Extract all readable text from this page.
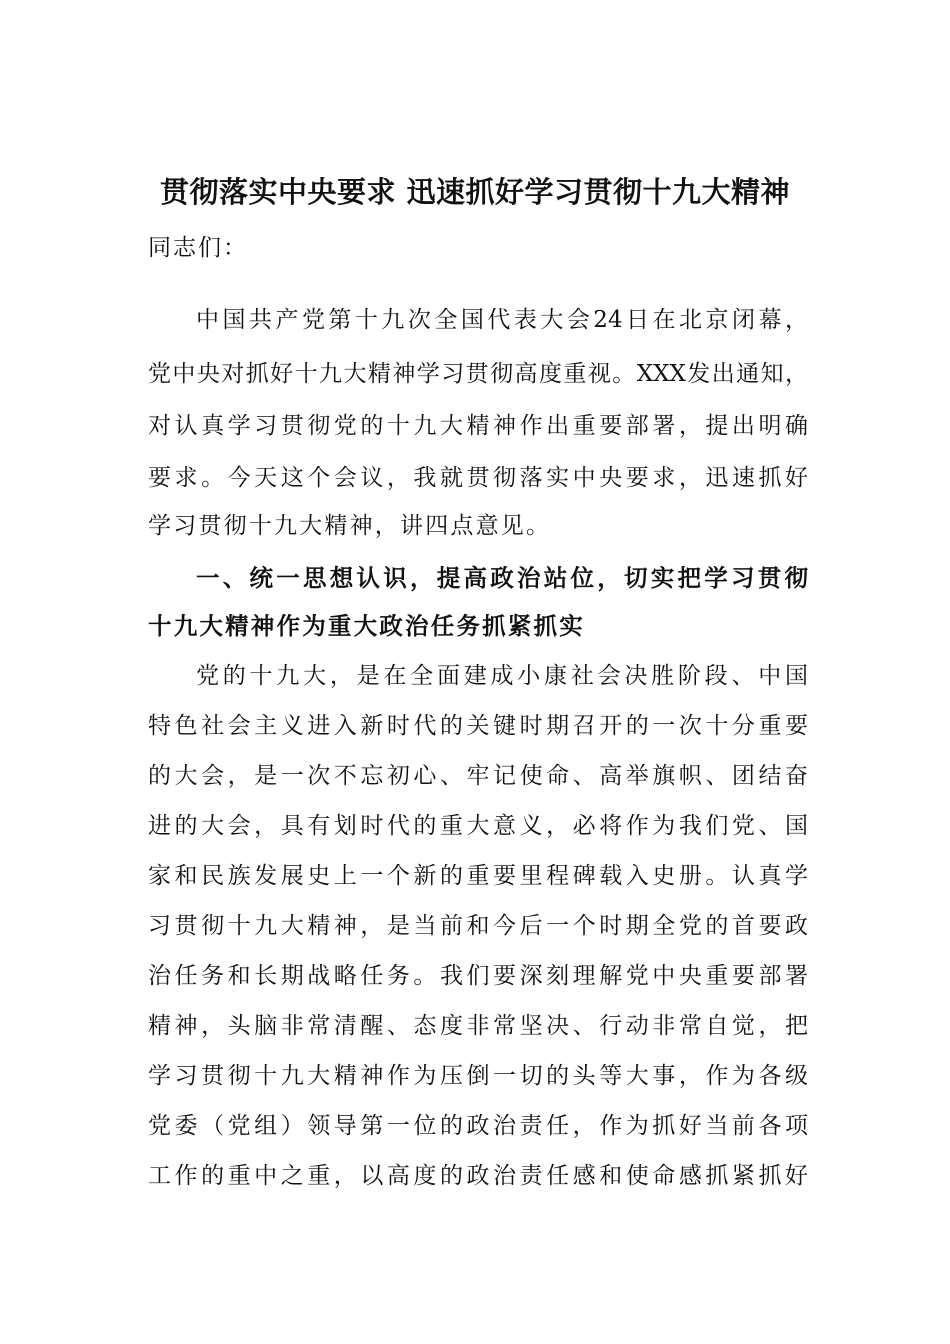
贯彻落实中央要求 迅速抓好学习贯彻十九大精神
同志们：
中国共产党第十九次全国代表大会24日在北京闭幕，
党中央对抓好十九大精神学习贯彻高度重视。XXX发出通知，
对认真学习贯彻党的十九大精神作出重要部署，提出明确
要求。今天这个会议，我就贯彻落实中央要求，迅速抓好
学习贯彻十九大精神，讲四点意见。
一、统一思想认识，提高政治站位，切实把学习贯彻
十九大精神作为重大政治任务抓紧抓实
党的十九大，是在全面建成小康社会决胜阶段、中国
特色社会主义进入新时代的关键时期召开的一次十分重要
的大会，是一次不忘初心、牢记使命、高举旗帜、团结奋
进的大会，具有划时代的重大意义，必将作为我们党、国
家和民族发展史上一个新的重要里程碑载入史册。认真学
习贯彻十九大精神，是当前和今后一个时期全党的首要政
治任务和长期战略任务。我们要深刻理解党中央重要部署
精神，头脑非常清醒、态度非常坚决、行动非常自觉，把
学习贯彻十九大精神作为压倒一切的头等大事，作为各级
党委（党组）领导第一位的政治责任，作为抓好当前各项
工作的重中之重，以高度的政治责任感和使命感抓紧抓好
